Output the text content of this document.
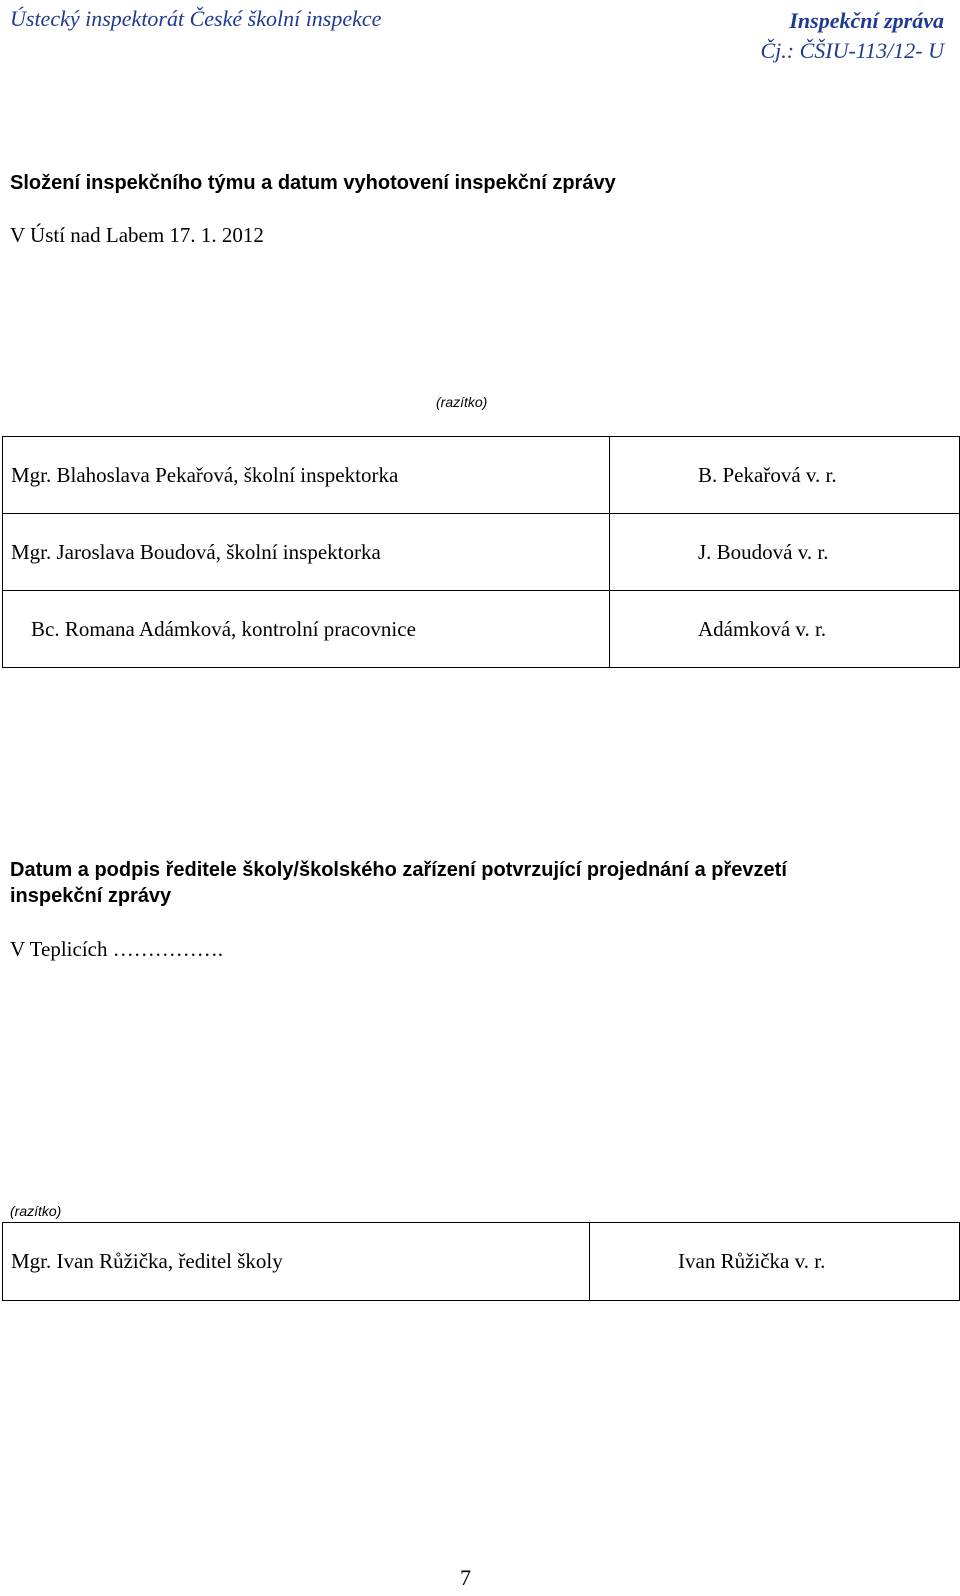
Ústecký inspektorát České školní inspekce	Inspekční zpráva
Čj.: ČŠIU-113/12- U
Složení inspekčního týmu a datum vyhotovení inspekční zprávy
V Ústí nad Labem 17. 1. 2012
(razítko)
Mgr. Blahoslava Pekařová, školní inspektorka	B. Pekařová v. r.
Mgr. Jaroslava Boudová, školní inspektorka	J. Boudová v. r.
Bc. Romana Adámková, kontrolní pracovnice	Adámková v. r.
Datum a podpis ředitele školy/školského zařízení potvrzující projednání a převzetí
inspekční zprávy
V Teplicích …………….
(razítko)
Mgr. Ivan Růžička, ředitel školy	Ivan Růžička v. r.
7
